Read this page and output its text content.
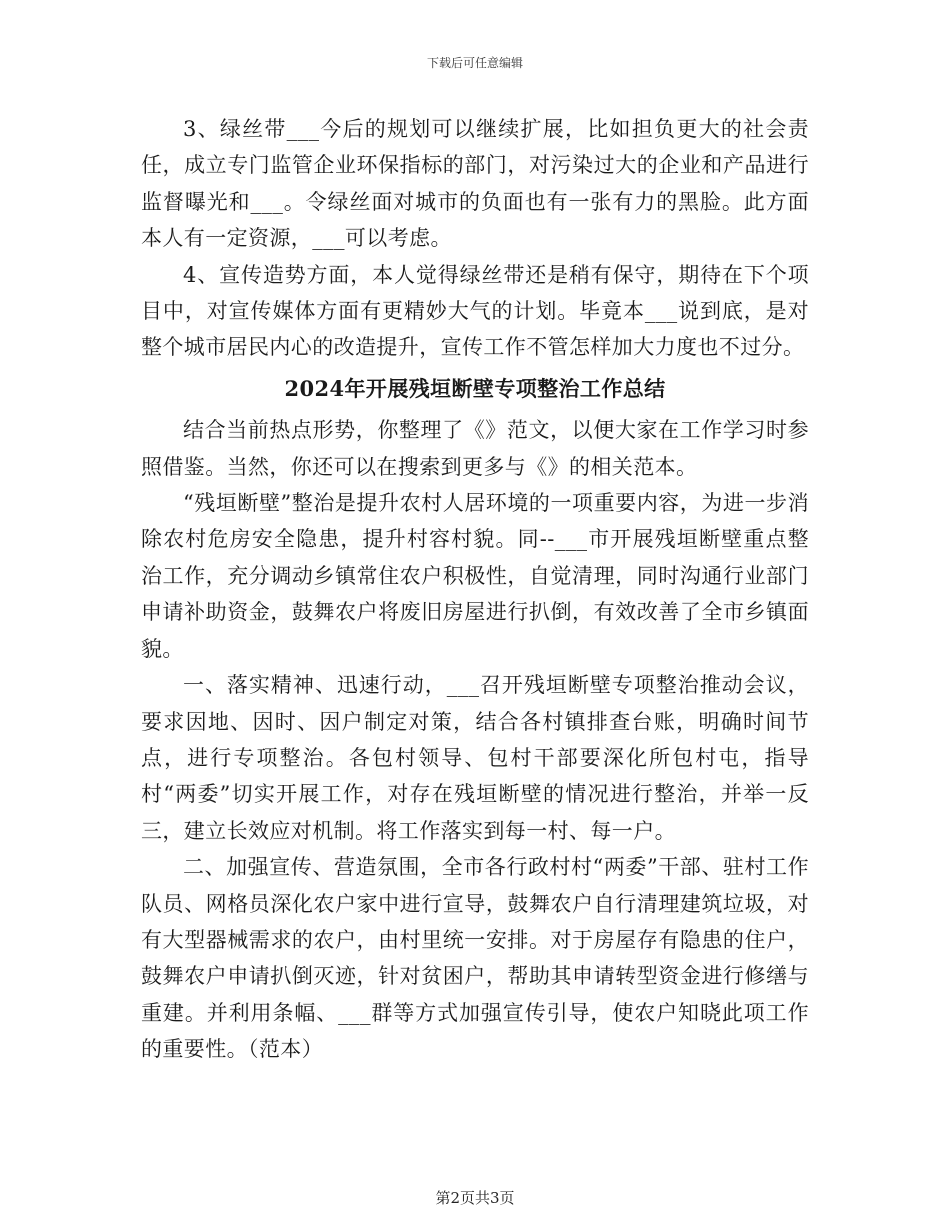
下载后可任意编辑

3、绿丝带___今后的规划可以继续扩展，比如担负更大的社会责任，成立专门监管企业环保指标的部门，对污染过大的企业和产品进行监督曝光和___。令绿丝面对城市的负面也有一张有力的黑脸。此方面本人有一定资源，___可以考虑。

4、宣传造势方面，本人觉得绿丝带还是稍有保守，期待在下个项目中，对宣传媒体方面有更精妙大气的计划。毕竟本___说到底，是对整个城市居民内心的改造提升，宣传工作不管怎样加大力度也不过分。

2024年开展残垣断壁专项整治工作总结

结合当前热点形势，你整理了《》范文，以便大家在工作学习时参照借鉴。当然，你还可以在搜索到更多与《》的相关范本。

“残垣断壁”整治是提升农村人居环境的一项重要内容，为进一步消除农村危房安全隐患，提升村容村貌。同--___市开展残垣断壁重点整治工作，充分调动乡镇常住农户积极性，自觉清理，同时沟通行业部门申请补助资金，鼓舞农户将废旧房屋进行扒倒，有效改善了全市乡镇面貌。

一、落实精神、迅速行动，___召开残垣断壁专项整治推动会议，要求因地、因时、因户制定对策，结合各村镇排查台账，明确时间节点，进行专项整治。各包村领导、包村干部要深化所包村屯，指导村“两委”切实开展工作，对存在残垣断壁的情况进行整治，并举一反三，建立长效应对机制。将工作落实到每一村、每一户。

二、加强宣传、营造氛围，全市各行政村村“两委”干部、驻村工作队员、网格员深化农户家中进行宣导，鼓舞农户自行清理建筑垃圾，对有大型器械需求的农户，由村里统一安排。对于房屋存有隐患的住户，鼓舞农户申请扒倒灭迹，针对贫困户，帮助其申请转型资金进行修缮与重建。并利用条幅、___群等方式加强宣传引导，使农户知晓此项工作的重要性。（范本）

第2页共3页
